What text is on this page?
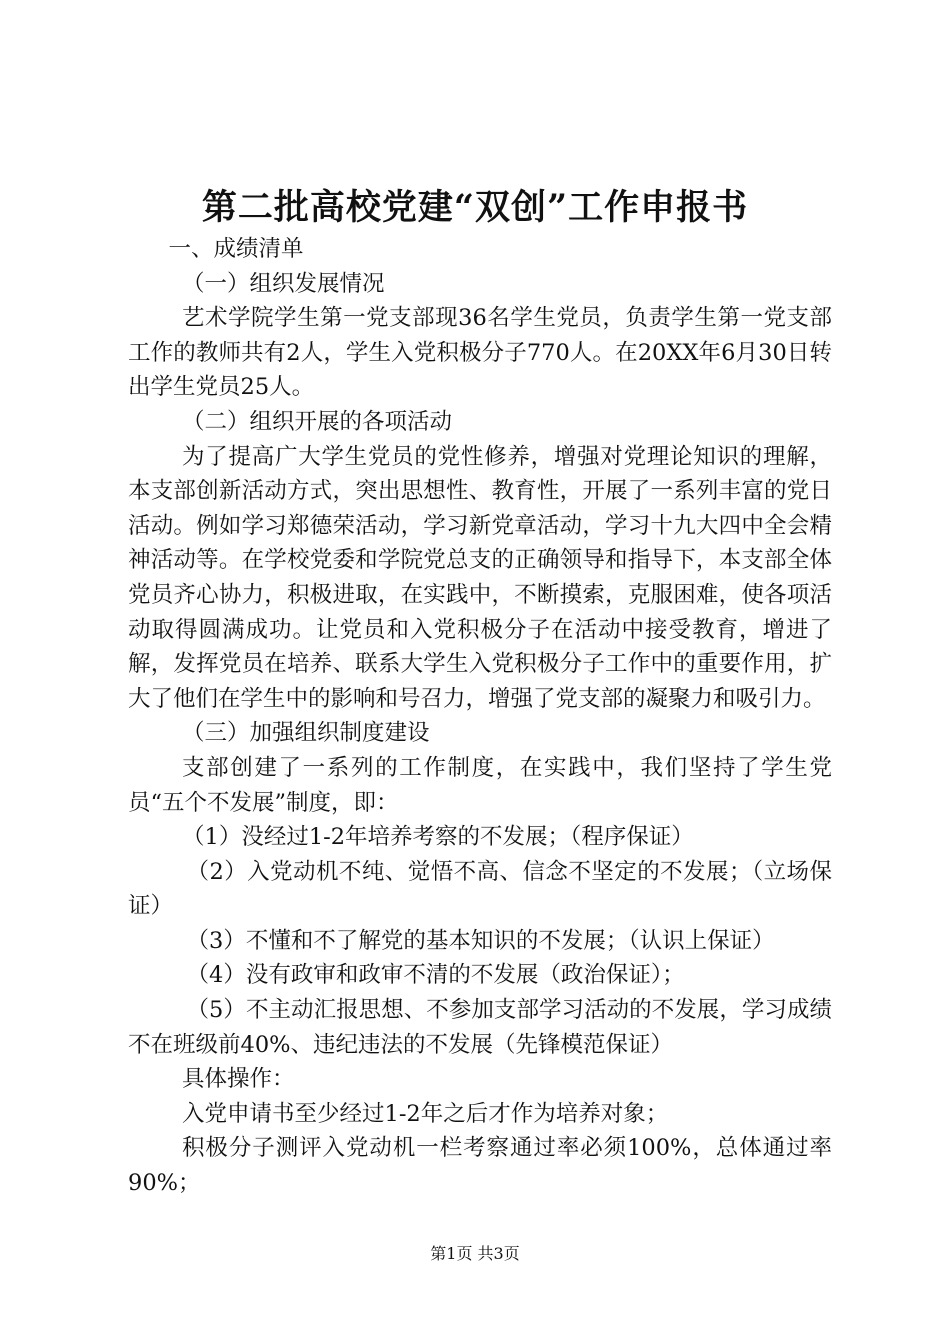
第二批高校党建“双创”工作申报书

一、成绩清单

（一）组织发展情况

艺术学院学生第一党支部现36名学生党员，负责学生第一党支部工作的教师共有2人，学生入党积极分子770人。在20XX年6月30日转出学生党员25人。

（二）组织开展的各项活动

为了提高广大学生党员的党性修养，增强对党理论知识的理解，本支部创新活动方式，突出思想性、教育性，开展了一系列丰富的党日活动。例如学习郑德荣活动，学习新党章活动，学习十九大四中全会精神活动等。在学校党委和学院党总支的正确领导和指导下，本支部全体党员齐心协力，积极进取，在实践中，不断摸索，克服困难，使各项活动取得圆满成功。让党员和入党积极分子在活动中接受教育，增进了解，发挥党员在培养、联系大学生入党积极分子工作中的重要作用，扩大了他们在学生中的影响和号召力，增强了党支部的凝聚力和吸引力。

（三）加强组织制度建设

支部创建了一系列的工作制度，在实践中，我们坚持了学生党员“五个不发展”制度，即：

（1）没经过1-2年培养考察的不发展；（程序保证）

（2）入党动机不纯、觉悟不高、信念不坚定的不发展；（立场保证）

（3）不懂和不了解党的基本知识的不发展；（认识上保证）

（4）没有政审和政审不清的不发展（政治保证）；

（5）不主动汇报思想、不参加支部学习活动的不发展，学习成绩不在班级前40%、违纪违法的不发展（先锋模范保证）

具体操作：

入党申请书至少经过1-2年之后才作为培养对象；

积极分子测评入党动机一栏考察通过率必须100%，总体通过率90%；

第1页 共3页
